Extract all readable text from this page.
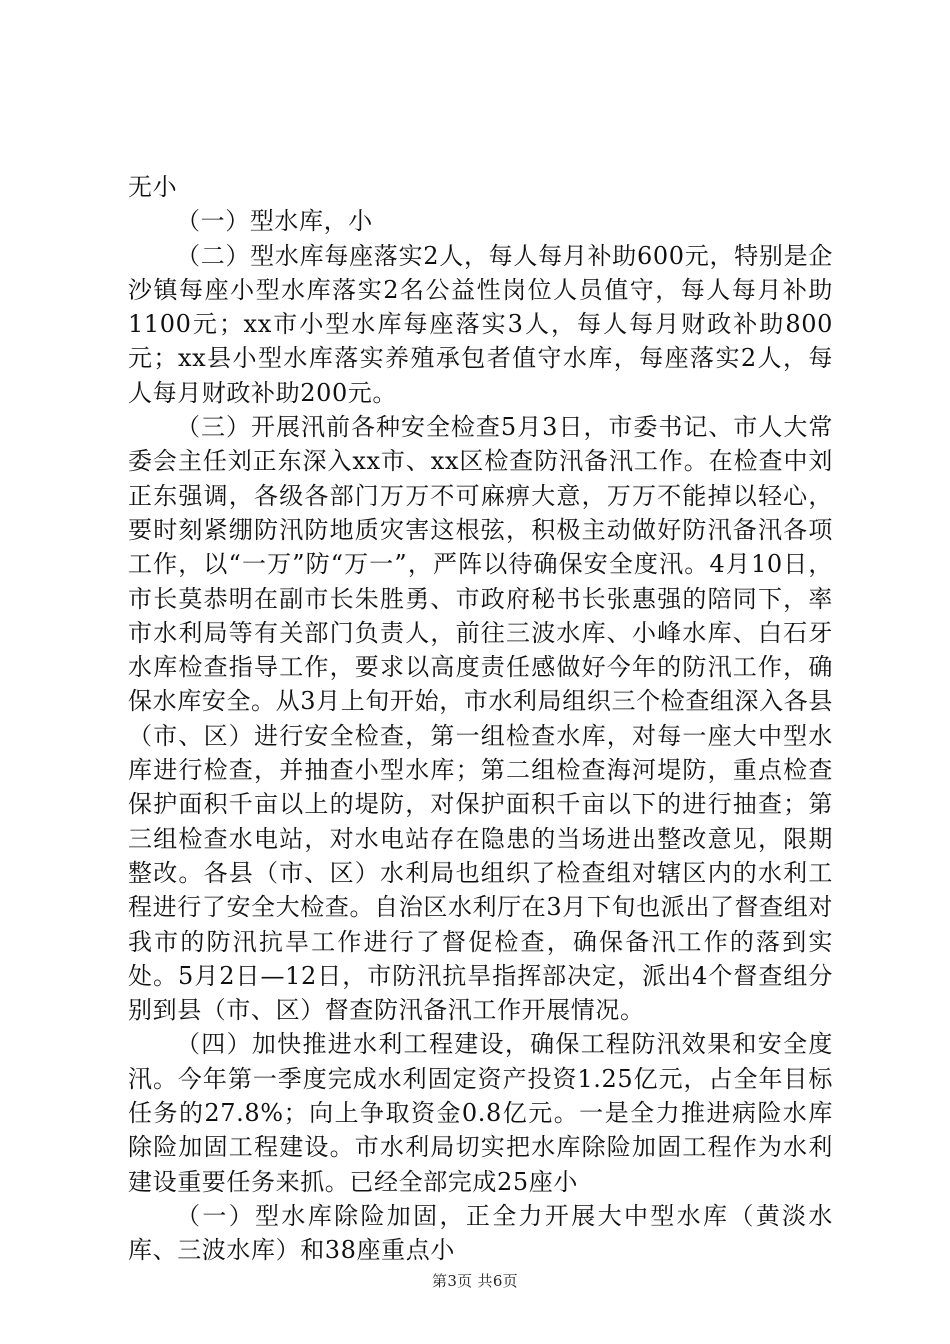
无小

（一）型水库，小

（二）型水库每座落实2人，每人每月补助600元，特别是企沙镇每座小型水库落实2名公益性岗位人员值守，每人每月补助1100元；xx市小型水库每座落实3人，每人每月财政补助800元；xx县小型水库落实养殖承包者值守水库，每座落实2人，每人每月财政补助200元。

（三）开展汛前各种安全检查5月3日，市委书记、市人大常委会主任刘正东深入xx市、xx区检查防汛备汛工作。在检查中刘正东强调，各级各部门万万不可麻痹大意，万万不能掉以轻心，要时刻紧绷防汛防地质灾害这根弦，积极主动做好防汛备汛各项工作，以“一万”防“万一”，严阵以待确保安全度汛。4月10日，市长莫恭明在副市长朱胜勇、市政府秘书长张惠强的陪同下，率市水利局等有关部门负责人，前往三波水库、小峰水库、白石牙水库检查指导工作，要求以高度责任感做好今年的防汛工作，确保水库安全。从3月上旬开始，市水利局组织三个检查组深入各县（市、区）进行安全检查，第一组检查水库，对每一座大中型水库进行检查，并抽查小型水库；第二组检查海河堤防，重点检查保护面积千亩以上的堤防，对保护面积千亩以下的进行抽查；第三组检查水电站，对水电站存在隐患的当场进出整改意见，限期整改。各县（市、区）水利局也组织了检查组对辖区内的水利工程进行了安全大检查。自治区水利厅在3月下旬也派出了督查组对我市的防汛抗旱工作进行了督促检查，确保备汛工作的落到实处。5月2日—12日，市防汛抗旱指挥部决定，派出4个督查组分别到县（市、区）督查防汛备汛工作开展情况。

（四）加快推进水利工程建设，确保工程防汛效果和安全度汛。今年第一季度完成水利固定资产投资1.25亿元，占全年目标任务的27.8%；向上争取资金0.8亿元。一是全力推进病险水库除险加固工程建设。市水利局切实把水库除险加固工程作为水利建设重要任务来抓。已经全部完成25座小

（一）型水库除险加固，正全力开展大中型水库（黄淡水库、三波水库）和38座重点小

第3页 共6页
